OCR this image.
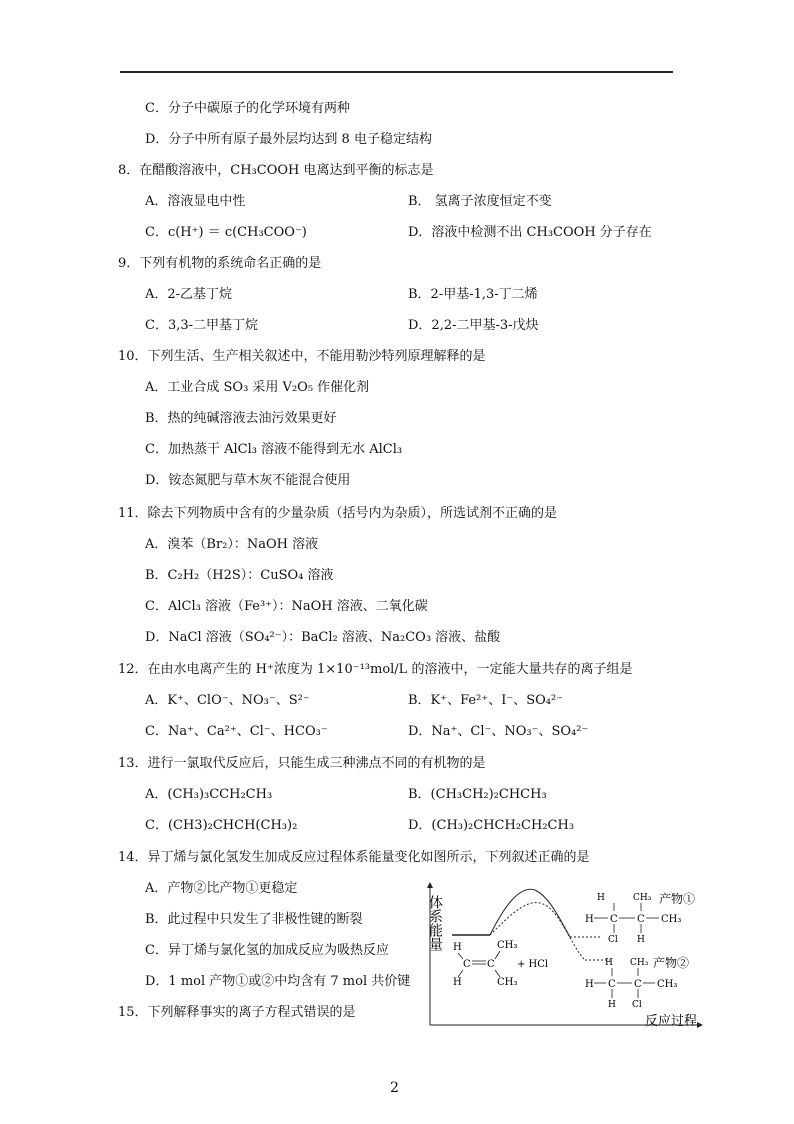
C．分子中碳原子的化学环境有两种
D．分子中所有原子最外层均达到 8 电子稳定结构
8．在醋酸溶液中，CH₃COOH 电离达到平衡的标志是
A．溶液显电中性	B． 氢离子浓度恒定不变
C．c(H⁺) ＝ c(CH₃COO⁻)	D．溶液中检测不出 CH₃COOH 分子存在
9．下列有机物的系统命名正确的是
A．2-乙基丁烷	B．2-甲基-1,3-丁二烯
C．3,3-二甲基丁烷	D．2,2-二甲基-3-戊炔
10．下列生活、生产相关叙述中，不能用勒沙特列原理解释的是
A．工业合成 SO₃ 采用 V₂O₅ 作催化剂
B．热的纯碱溶液去油污效果更好
C．加热蒸干 AlCl₃ 溶液不能得到无水 AlCl₃
D．铵态氮肥与草木灰不能混合使用
11．除去下列物质中含有的少量杂质（括号内为杂质），所选试剂不正确的是
A．溴苯（Br₂）：NaOH 溶液
B．C₂H₂（H2S）：CuSO₄ 溶液
C．AlCl₃ 溶液（Fe³⁺）：NaOH 溶液、二氧化碳
D．NaCl 溶液（SO₄²⁻）：BaCl₂ 溶液、Na₂CO₃ 溶液、盐酸
12．在由水电离产生的 H⁺浓度为 1×10⁻¹³mol/L 的溶液中，一定能大量共存的离子组是
A．K⁺、ClO⁻、NO₃⁻、S²⁻	B．K⁺、Fe²⁺、I⁻、SO₄²⁻
C．Na⁺、Ca²⁺、Cl⁻、HCO₃⁻	D．Na⁺、Cl⁻、NO₃⁻、SO₄²⁻
13．进行一氯取代反应后，只能生成三种沸点不同的有机物的是
A．(CH₃)₃CCH₂CH₃	B．(CH₃CH₂)₂CHCH₃
C．(CH3)₂CHCH(CH₃)₂	D．(CH₃)₂CHCH₂CH₂CH₃
14．异丁烯与氯化氢发生加成反应过程体系能量变化如图所示，下列叙述正确的是
A．产物②比产物①更稳定
B．此过程中只发生了非极性键的断裂
C．异丁烯与氯化氢的加成反应为吸热反应
D．1 mol 产物①或②中均含有 7 mol 共价键
15．下列解释事实的离子方程式错误的是
体系能量 H
C C
H
CH₃
CH₃
+ HCl
H	CH₃
H C C CH₃
Cl H
产物①
H CH₃
H C C CH₃
H Cl
产物②
反应过程
2
